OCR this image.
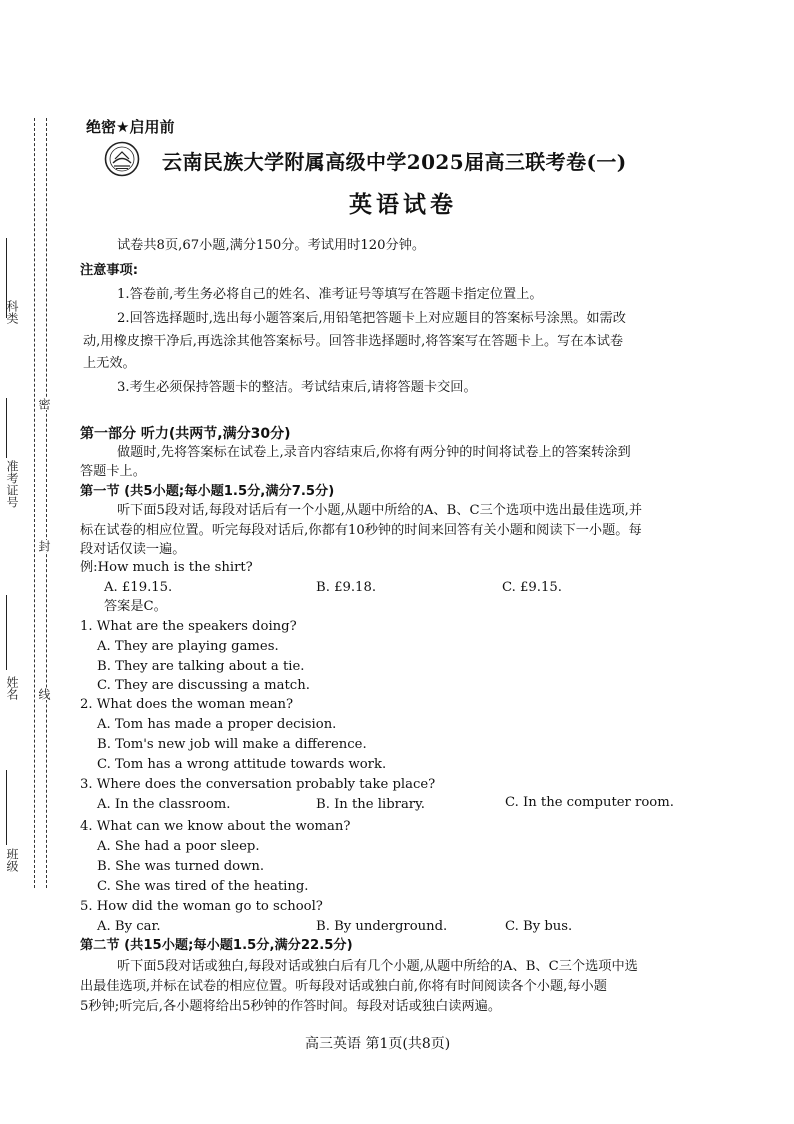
科类
准考证号
姓名
班级
密
封
线
绝密★启用前
云南民族大学附属高级中学2025届高三联考卷(一)
英语试卷
试卷共8页,67小题,满分150分。考试用时120分钟。
注意事项:
1.答卷前,考生务必将自己的姓名、准考证号等填写在答题卡指定位置上。
2.回答选择题时,选出每小题答案后,用铅笔把答题卡上对应题目的答案标号涂黑。如需改
动,用橡皮擦干净后,再选涂其他答案标号。回答非选择题时,将答案写在答题卡上。写在本试卷
上无效。
3.考生必须保持答题卡的整洁。考试结束后,请将答题卡交回。
第一部分 听力(共两节,满分30分)
做题时,先将答案标在试卷上,录音内容结束后,你将有两分钟的时间将试卷上的答案转涂到
答题卡上。
第一节 (共5小题;每小题1.5分,满分7.5分)
听下面5段对话,每段对话后有一个小题,从题中所给的A、B、C三个选项中选出最佳选项,并
标在试卷的相应位置。听完每段对话后,你都有10秒钟的时间来回答有关小题和阅读下一小题。每
段对话仅读一遍。
例:How much is the shirt?
A. £19.15.	B. £9.18.	C. £9.15.
答案是C。
1. What are the speakers doing?
A. They are playing games.
B. They are talking about a tie.
C. They are discussing a match.
2. What does the woman mean?
A. Tom has made a proper decision.
B. Tom's new job will make a difference.
C. Tom has a wrong attitude towards work.
3. Where does the conversation probably take place?
A. In the classroom.	B. In the library.	C. In the computer room.
4. What can we know about the woman?
A. She had a poor sleep.
B. She was turned down.
C. She was tired of the heating.
5. How did the woman go to school?
A. By car.	B. By underground.	C. By bus.
第二节 (共15小题;每小题1.5分,满分22.5分)
听下面5段对话或独白,每段对话或独白后有几个小题,从题中所给的A、B、C三个选项中选
出最佳选项,并标在试卷的相应位置。听每段对话或独白前,你将有时间阅读各个小题,每小题
5秒钟;听完后,各小题将给出5秒钟的作答时间。每段对话或独白读两遍。
高三英语 第1页(共8页)
